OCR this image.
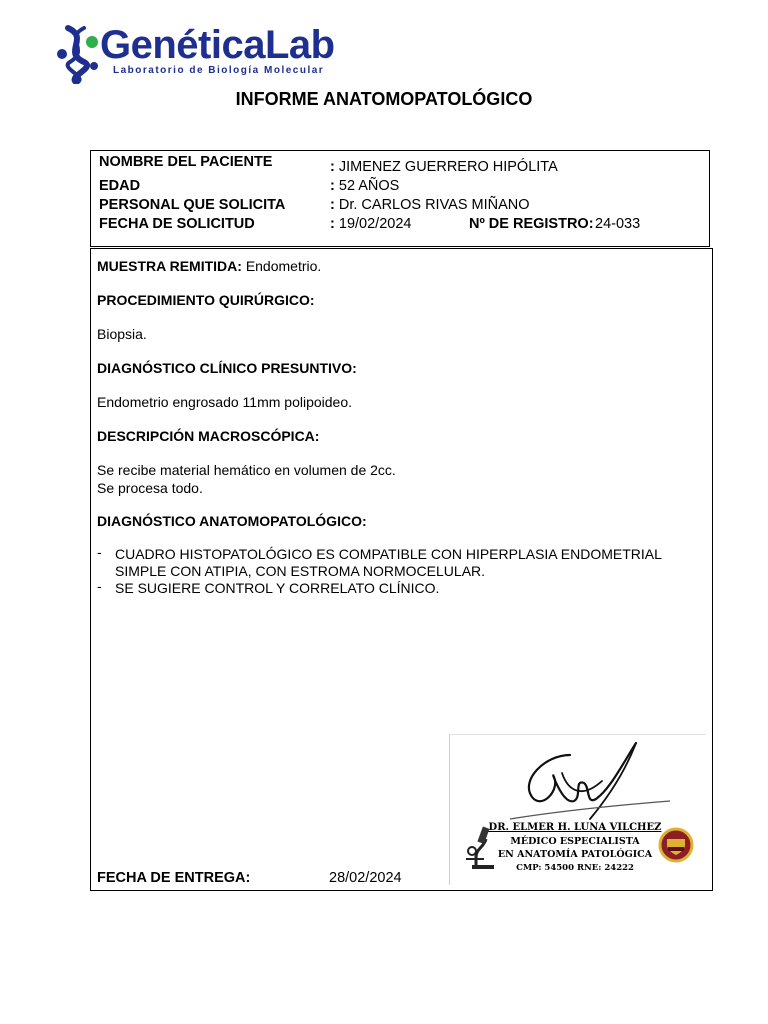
GenéticaLab
Laboratorio de Biología Molecular
INFORME ANATOMOPATOLÓGICO
NOMBRE DEL PACIENTE	: JIMENEZ GUERRERO HIPÓLITA
EDAD	: 52 AÑOS
PERSONAL QUE SOLICITA	: Dr. CARLOS RIVAS MIÑANO
FECHA DE SOLICITUD	: 19/02/2024	Nº DE REGISTRO: 24-033
MUESTRA REMITIDA: Endometrio.
PROCEDIMIENTO QUIRÚRGICO:
Biopsia.
DIAGNÓSTICO CLÍNICO PRESUNTIVO:
Endometrio engrosado 11mm polipoideo.
DESCRIPCIÓN MACROSCÓPICA:
Se recibe material hemático en volumen de 2cc.
Se procesa todo.
DIAGNÓSTICO ANATOMOPATOLÓGICO:
- CUADRO HISTOPATOLÓGICO ES COMPATIBLE CON HIPERPLASIA ENDOMETRIAL SIMPLE CON ATIPIA, CON ESTROMA NORMOCELULAR.
- SE SUGIERE CONTROL Y CORRELATO CLÍNICO.
FECHA DE ENTREGA:	28/02/2024
DR. ELMER H. LUNA VILCHEZ
MÉDICO ESPECIALISTA
EN ANATOMÍA PATOLÓGICA
CMP: 54500 RNE: 24222
